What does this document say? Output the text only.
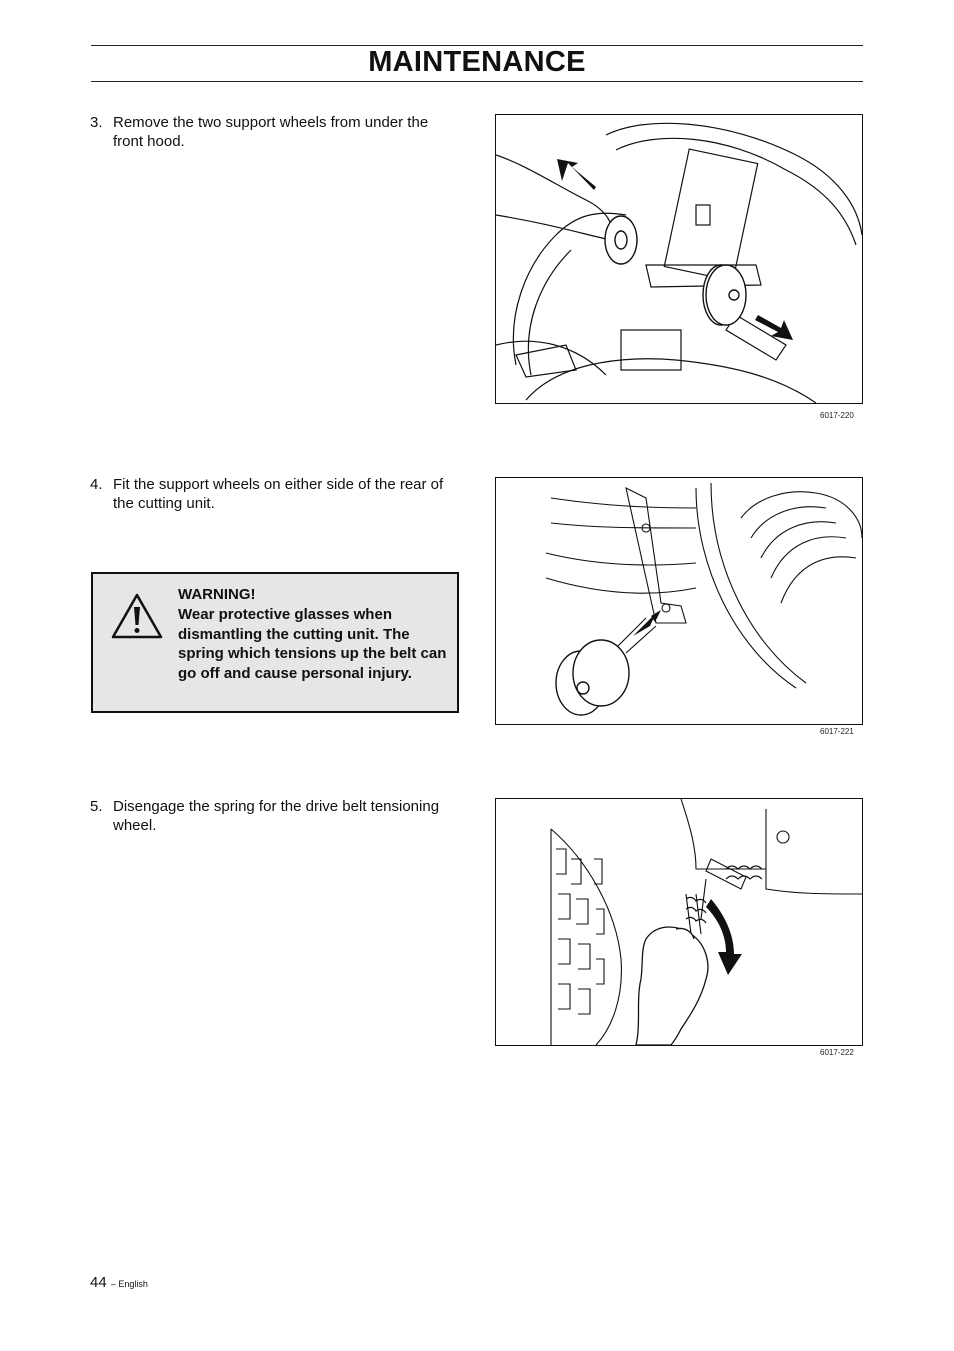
MAINTENANCE
3. Remove the two support wheels from under the front hood.
6017-220
4. Fit the support wheels on either side of the rear of the cutting unit.
6017-221
WARNING!
Wear protective glasses when dismantling the cutting unit. The spring which tensions up the belt can go off and cause personal injury.
5. Disengage the spring for the drive belt tensioning wheel.
6017-222
44 – English
